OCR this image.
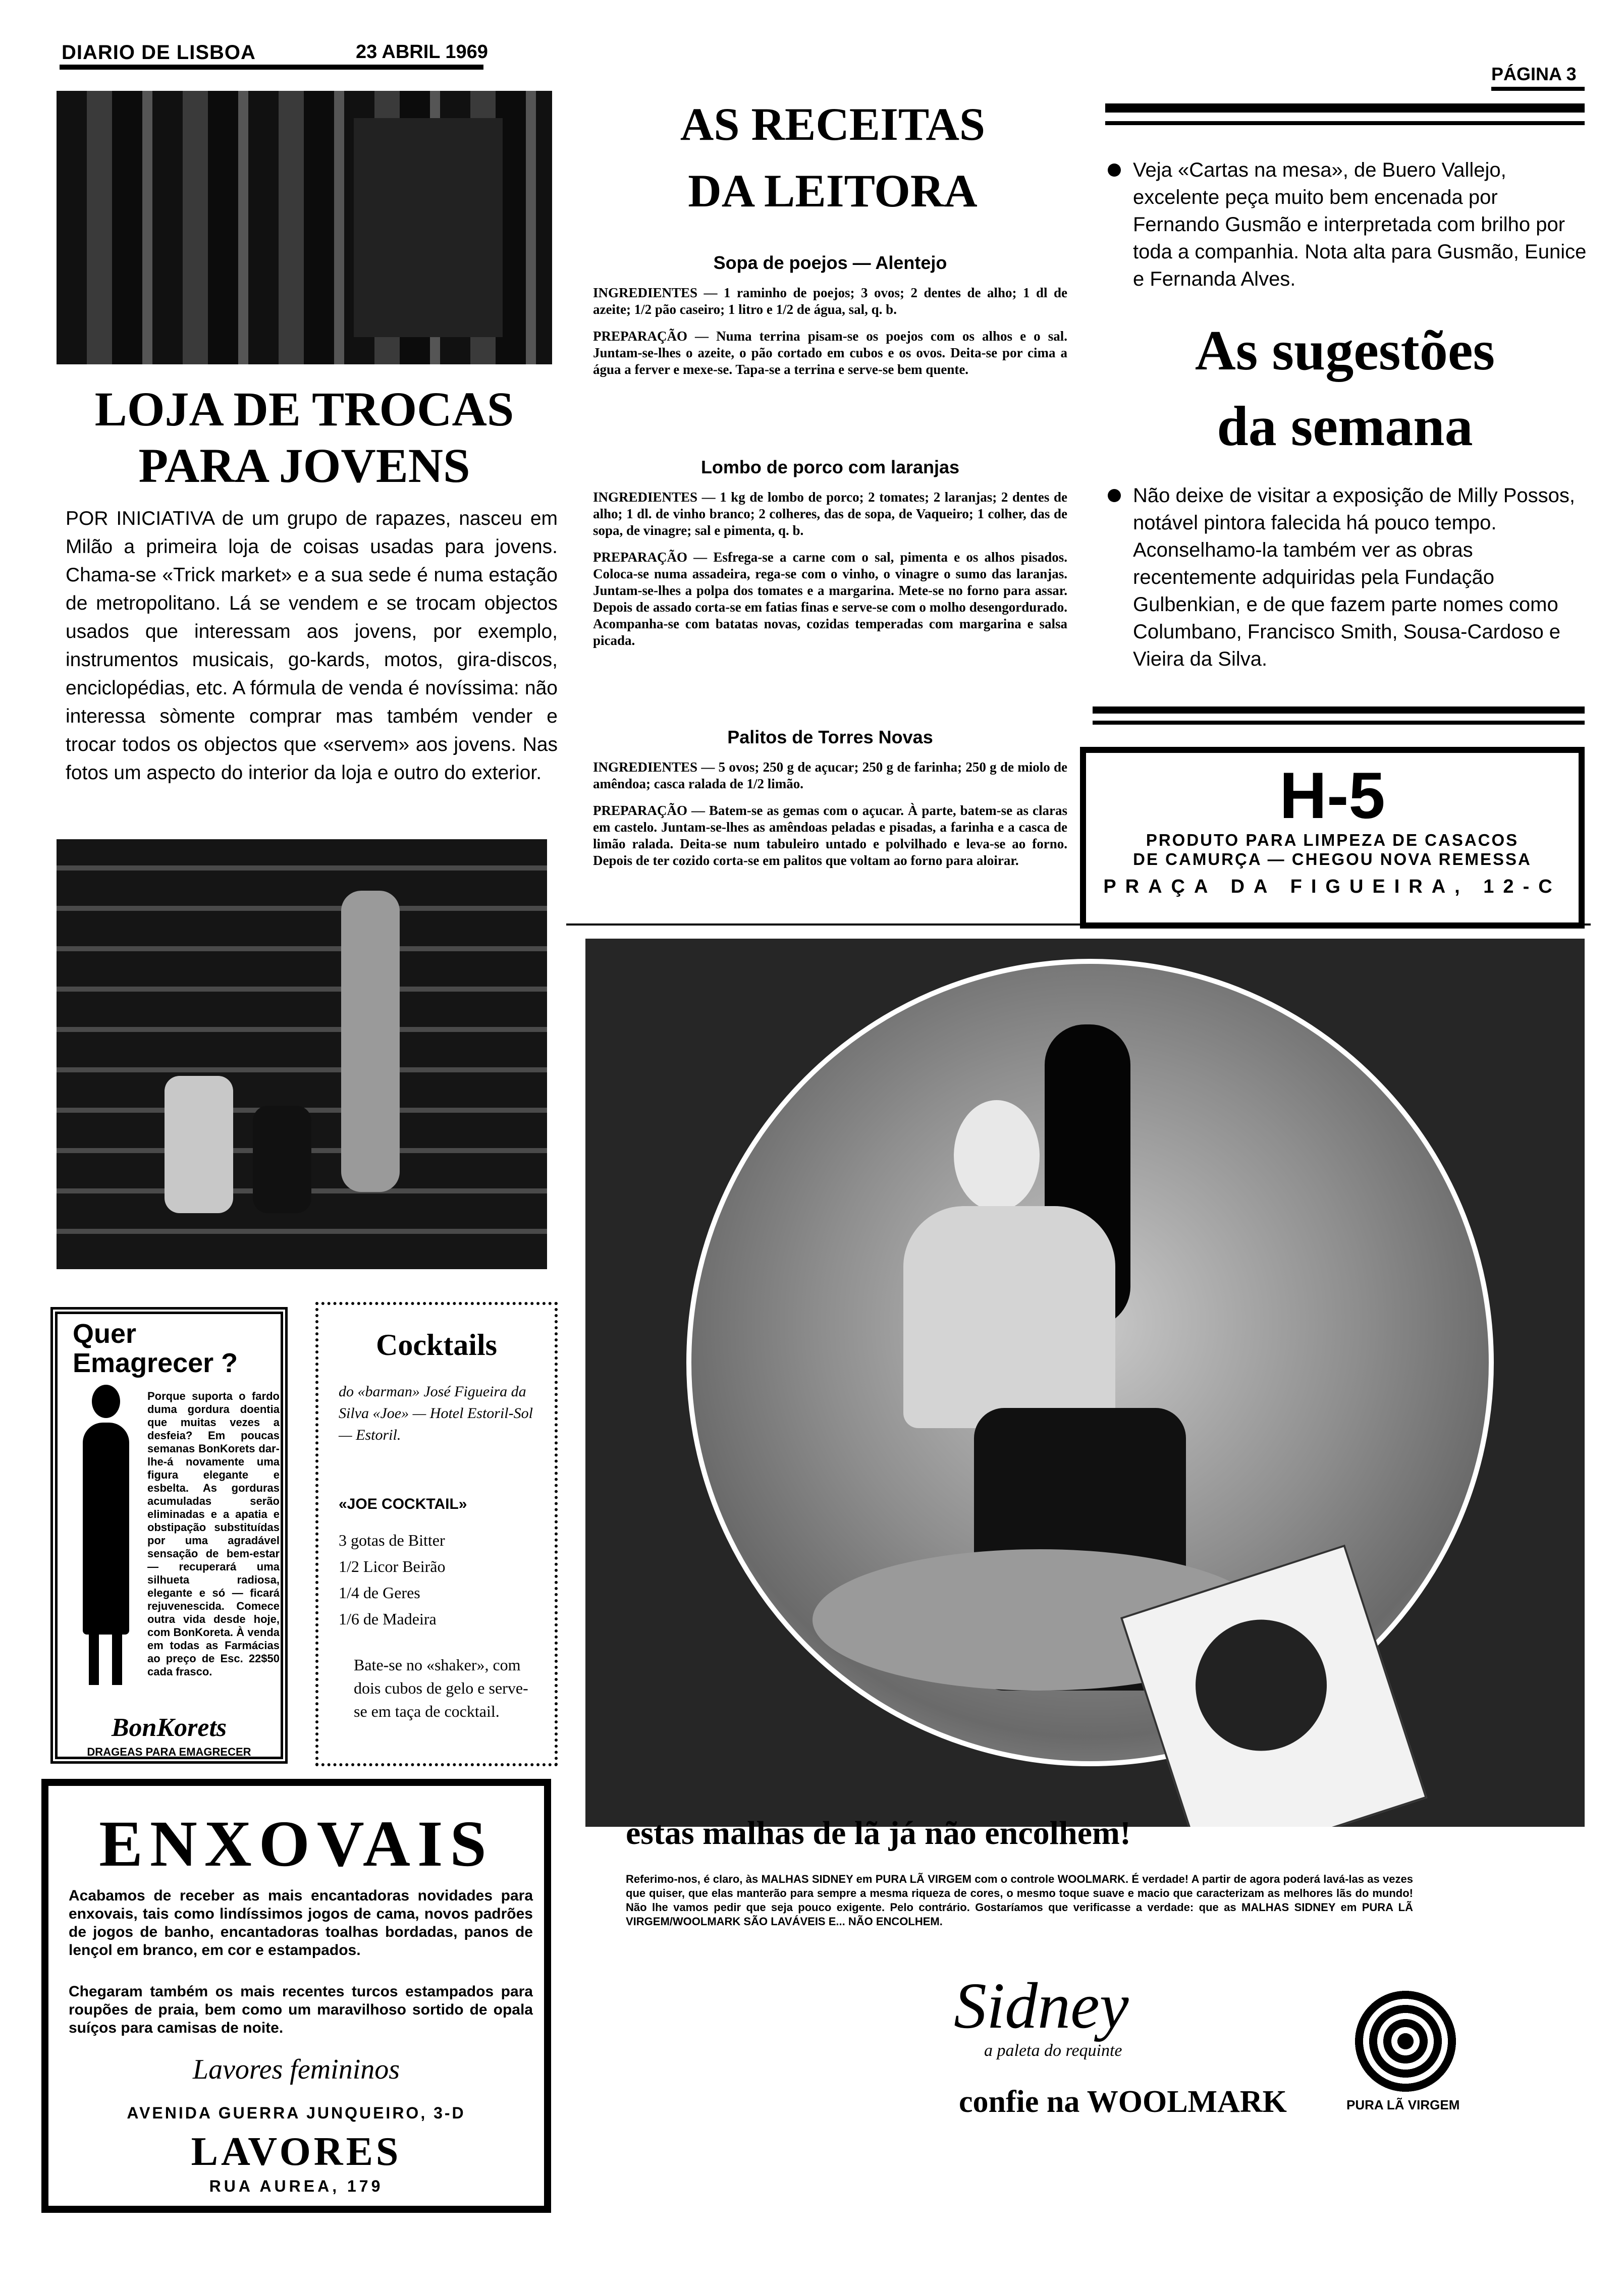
DIARIO DE LISBOA	23 ABRIL 1969
PÁGINA 3
LOJA DE TROCAS
PARA JOVENS

POR INICIATIVA de um grupo de rapazes, nasceu em Milão a primeira loja de coisas usadas para jovens. Chama-se «Trick market» e a sua sede é numa estação de metropolitano. Lá se vendem e se trocam objectos usados que interessam aos jovens, por exemplo, instrumentos musicais, go-kards, motos, gira-discos, enciclopédias, etc. A fórmula de venda é novíssima: não interessa sòmente comprar mas também vender e trocar todos os objectos que «servem» aos jovens. Nas fotos um aspecto do interior da loja e outro do exterior.

AS RECEITAS
DA LEITORA
Sopa de poejos — Alentejo

INGREDIENTES — 1 raminho de poejos; 3 ovos; 2 dentes de alho; 1 dl de azeite; 1/2 pão caseiro; 1 litro e 1/2 de água, sal, q. b.

PREPARAÇÃO — Numa terrina pisam-se os poejos com os alhos e o sal. Juntam-se-lhes o azeite, o pão cortado em cubos e os ovos. Deita-se por cima a água a ferver e mexe-se. Tapa-se a terrina e serve-se bem quente.

Lombo de porco com laranjas

INGREDIENTES — 1 kg de lombo de porco; 2 tomates; 2 laranjas; 2 dentes de alho; 1 dl. de vinho branco; 2 colheres, das de sopa, de Vaqueiro; 1 colher, das de sopa, de vinagre; sal e pimenta, q. b.

PREPARAÇÃO — Esfrega-se a carne com o sal, pimenta e os alhos pisados. Coloca-se numa assadeira, rega-se com o vinho, o vinagre o sumo das laranjas. Juntam-se-lhes a polpa dos tomates e a margarina. Mete-se no forno para assar. Depois de assado corta-se em fatias finas e serve-se com o molho desengordurado. Acompanha-se com batatas novas, cozidas temperadas com margarina e salsa picada.

Palitos de Torres Novas

INGREDIENTES — 5 ovos; 250 g de açucar; 250 g de farinha; 250 g de miolo de amêndoa; casca ralada de 1/2 limão.

PREPARAÇÃO — Batem-se as gemas com o açucar. À parte, batem-se as claras em castelo. Juntam-se-lhes as amêndoas peladas e pisadas, a farinha e a casca de limão ralada. Deita-se num tabuleiro untado e polvilhado e leva-se ao forno. Depois de ter cozido corta-se em palitos que voltam ao forno para aloirar.

Veja «Cartas na mesa», de Buero Vallejo, excelente peça muito bem encenada por Fernando Gusmão e interpretada com brilho por toda a companhia. Nota alta para Gusmão, Eunice e Fernanda Alves.

As sugestões
da semana

Não deixe de visitar a exposição de Milly Possos, notável pintora falecida há pouco tempo. Aconselhamo-la também ver as obras recentemente adquiridas pela Fundação Gulbenkian, e de que fazem parte nomes como Columbano, Francisco Smith, Sousa-Cardoso e Vieira da Silva.

H-5
PRODUTO PARA LIMPEZA DE CASACOS
DE CAMURÇA — CHEGOU NOVA REMESSA
PRAÇA DA FIGUEIRA, 12-C
Quer
Emagrecer ?

Porque suporta o fardo duma gordura doentia que muitas vezes a desfeia? Em poucas semanas BonKorets dar-lhe-á novamente uma figura elegante e esbelta. As gorduras acumuladas serão eliminadas e a apatia e obstipação substituídas por uma agradável sensação de bem-estar — recuperará uma silhueta radiosa, elegante e só — ficará rejuvenescida. Comece outra vida desde hoje, com BonKoreta. À venda em todas as Farmácias ao preço de Esc. 22$50 cada frasco.

BonKorets
DRAGEAS PARA EMAGRECER
Cocktails

do «barman» José Figueira da Silva «Joe» — Hotel Estoril-Sol — Estoril.

«JOE COCKTAIL»
3 gotas de Bitter
1/2 Licor Beirão
1/4 de Geres
1/6 de Madeira

Bate-se no «shaker», com dois cubos de gelo e serve-se em taça de cocktail.

ENXOVAIS

Acabamos de receber as mais encantadoras novidades para enxovais, tais como lindíssimos jogos de cama, novos padrões de jogos de banho, encantadoras toalhas bordadas, panos de lençol em branco, em cor e estampados.

Chegaram também os mais recentes turcos estampados para roupões de praia, bem como um maravilhoso sortido de opala suíços para camisas de noite.

Lavores femininos
AVENIDA GUERRA JUNQUEIRO, 3-D
LAVORES
RUA AUREA, 179
estas malhas de lã já não encolhem!

Referimo-nos, é claro, às MALHAS SIDNEY em PURA LÃ VIRGEM com o controle WOOLMARK. É verdade! A partir de agora poderá lavá-las as vezes que quiser, que elas manterão para sempre a mesma riqueza de cores, o mesmo toque suave e macio que caracterizam as melhores lãs do mundo! Não lhe vamos pedir que seja pouco exigente. Pelo contrário. Gostaríamos que verificasse a verdade: que as MALHAS SIDNEY em PURA LÃ VIRGEM/WOOLMARK SÃO LAVÁVEIS E... NÃO ENCOLHEM.

Sidney
a paleta do requinte
confie na WOOLMARK	PURA LÃ VIRGEM
